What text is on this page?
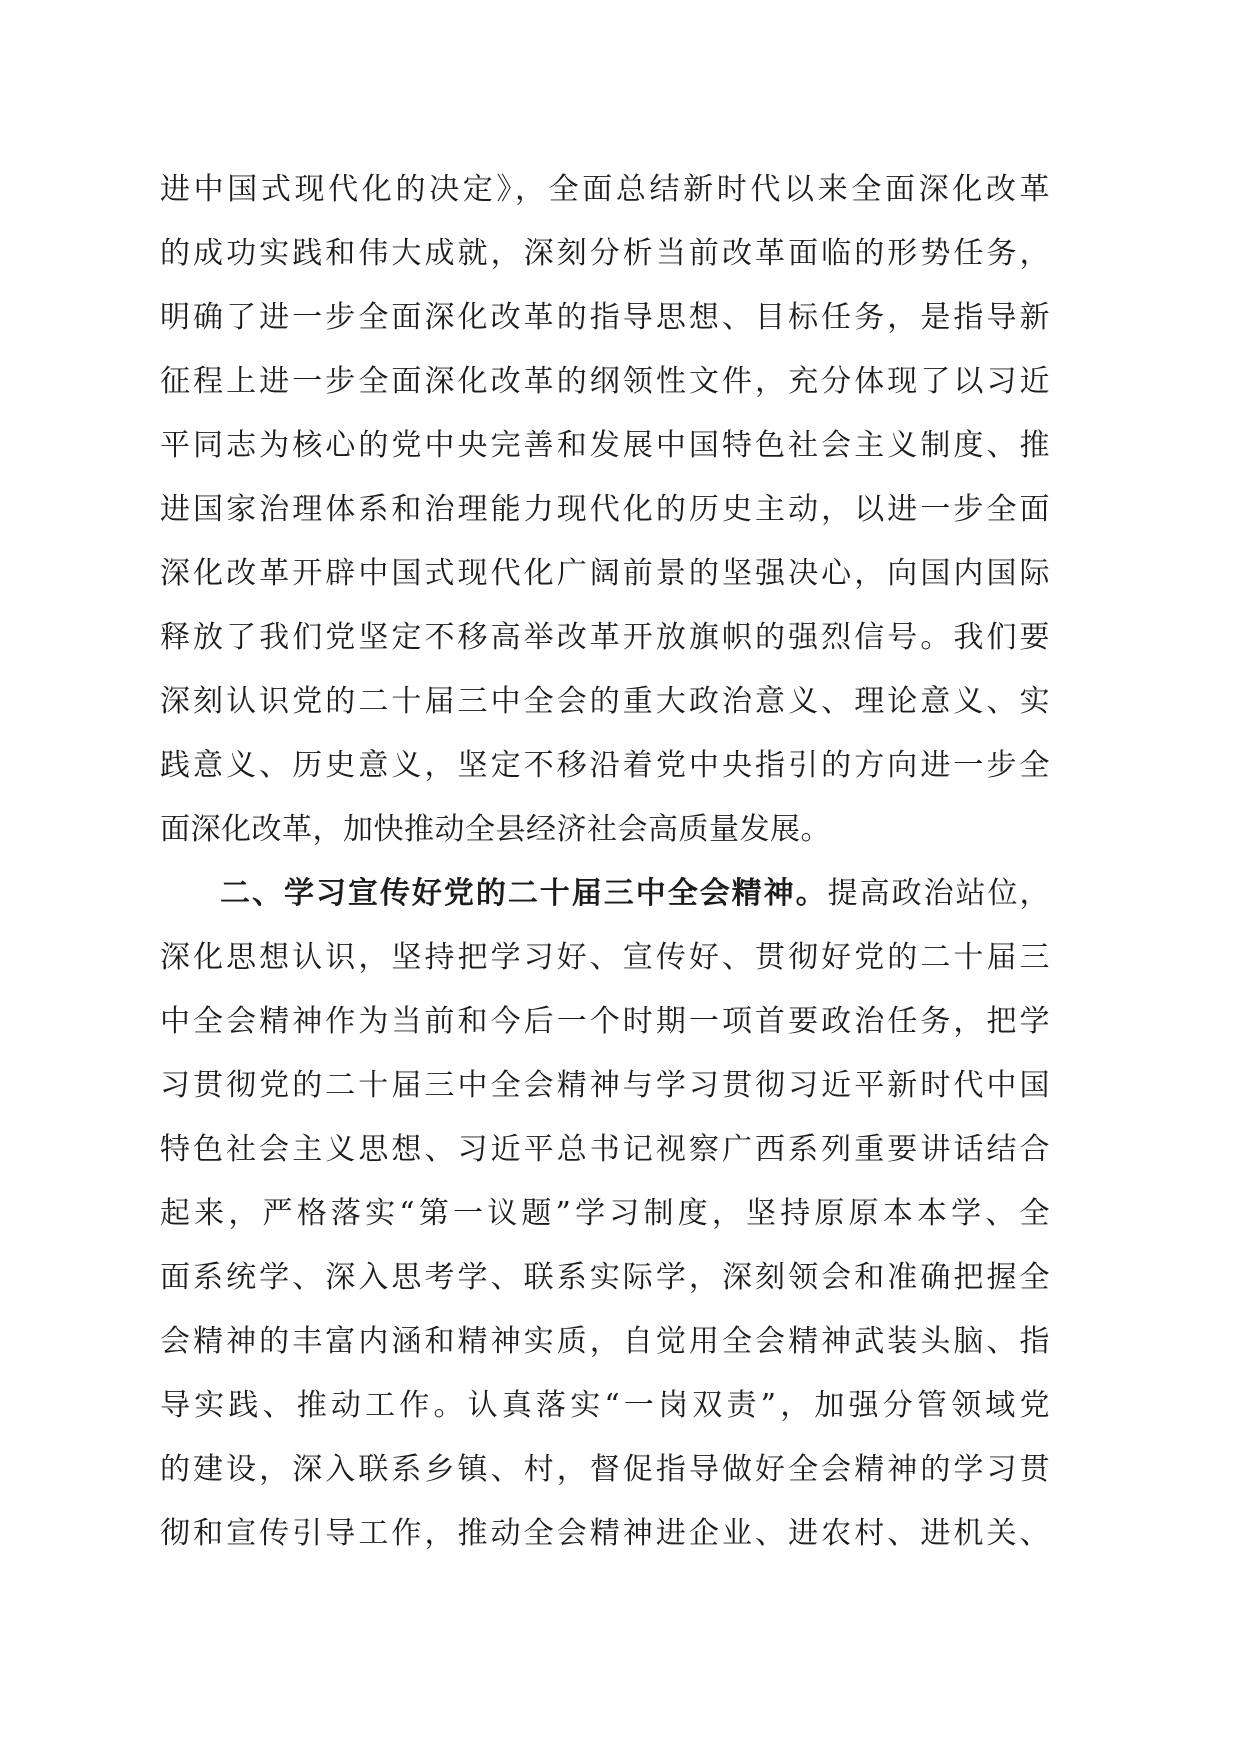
进中国式现代化的决定》，全面总结新时代以来全面深化改革
的成功实践和伟大成就，深刻分析当前改革面临的形势任务，
明确了进一步全面深化改革的指导思想、目标任务，是指导新
征程上进一步全面深化改革的纲领性文件，充分体现了以习近
平同志为核心的党中央完善和发展中国特色社会主义制度、推
进国家治理体系和治理能力现代化的历史主动，以进一步全面
深化改革开辟中国式现代化广阔前景的坚强决心，向国内国际
释放了我们党坚定不移高举改革开放旗帜的强烈信号。我们要
深刻认识党的二十届三中全会的重大政治意义、理论意义、实
践意义、历史意义，坚定不移沿着党中央指引的方向进一步全
面深化改革，加快推动全县经济社会高质量发展。
二、学习宣传好党的二十届三中全会精神。提高政治站位，
深化思想认识，坚持把学习好、宣传好、贯彻好党的二十届三
中全会精神作为当前和今后一个时期一项首要政治任务，把学
习贯彻党的二十届三中全会精神与学习贯彻习近平新时代中国
特色社会主义思想、习近平总书记视察广西系列重要讲话结合
起来，严格落实“第一议题”学习制度，坚持原原本本学、全
面系统学、深入思考学、联系实际学，深刻领会和准确把握全
会精神的丰富内涵和精神实质，自觉用全会精神武装头脑、指
导实践、推动工作。认真落实“一岗双责”，加强分管领域党
的建设，深入联系乡镇、村，督促指导做好全会精神的学习贯
彻和宣传引导工作，推动全会精神进企业、进农村、进机关、
